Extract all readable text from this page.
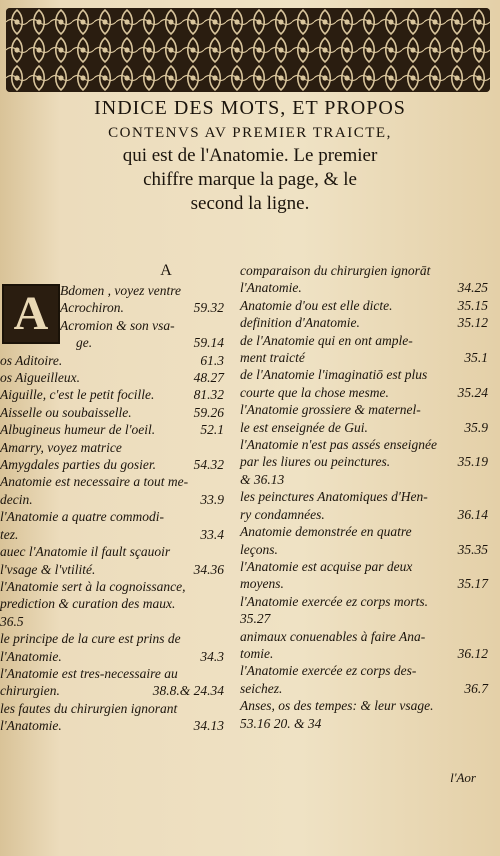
INDICE DES MOTS, ET PROPOS
CONTENVS AV PREMIER TRAICTE,
qui est de l'Anatomie. Le premier
chiffre marque la page, & le
second la ligne.
A
A
Bdomen , voyez ventre
Acrochiron.	59.32
Acromion & son vsa-
ge.	59.14
os Aditoire.	61.3
os Aigueilleux.	48.27
Aiguille, c'est le petit focille.	81.32
Aisselle ou soubaisselle.	59.26
Albugineus humeur de l'oeil.	52.1
Amarry, voyez matrice
Amygdales parties du gosier.	54.32
Anatomie est necessaire a tout me-
decin.	33.9
l'Anatomie a quatre commodi-
tez.	33.4
auec l'Anatomie il fault sçauoir
l'vsage & l'vtilité.	34.36
l'Anatomie sert à la cognoissance,
prediction & curation des maux.
36.5
le principe de la cure est prins de
l'Anatomie.	34.3
l'Anatomie est tres-necessaire au
chirurgien.	38.8.& 24.34
les fautes du chirurgien ignorant
l'Anatomie.	34.13
comparaison du chirurgien ignorāt
l'Anatomie.	34.25
Anatomie d'ou est elle dicte.	35.15
definition d'Anatomie.	35.12
de l'Anatomie qui en ont ample-
ment traicté	35.1
de l'Anatomie l'imaginatiō est plus
courte que la chose mesme.	35.24
l'Anatomie grossiere & maternel-
le est enseignée de Gui.	35.9
l'Anatomie n'est pas assés enseignée
par les liures ou peinctures.	35.19
& 36.13
les peinctures Anatomiques d'Hen-
ry condamnées.	36.14
Anatomie demonstrée en quatre
leçons.	35.35
l'Anatomie est acquise par deux
moyens.	35.17
l'Anatomie exercée ez corps morts.
35.27
animaux conuenables à faire Ana-
tomie.	36.12
l'Anatomie exercée ez corps des-
seichez.	36.7
Anses, os des tempes: & leur vsage.
53.16 20. & 34
l'Aor
